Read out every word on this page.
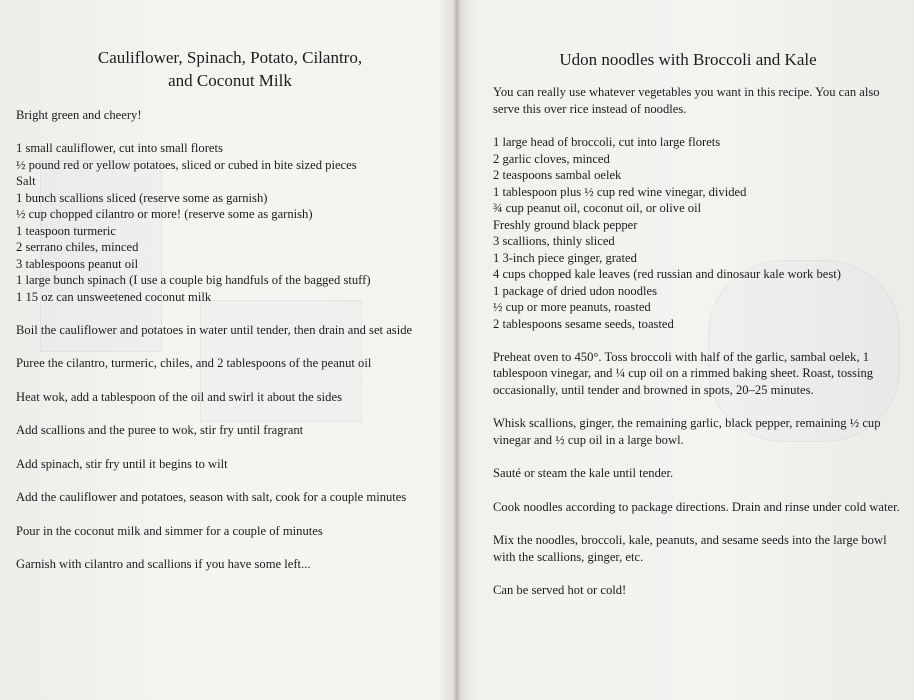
Cauliflower, Spinach, Potato, Cilantro,
and Coconut Milk

Bright green and cheery!

1 small cauliflower, cut into small florets

½ pound red or yellow potatoes, sliced or cubed in bite sized pieces

Salt

1 bunch scallions sliced (reserve some as garnish)

½ cup chopped cilantro or more! (reserve some as garnish)

1 teaspoon turmeric

2 serrano chiles, minced

3 tablespoons peanut oil

1 large bunch spinach (I use a couple big handfuls of the bagged stuff)

1 15 oz can unsweetened coconut milk

Boil the cauliflower and potatoes in water until tender, then drain and set aside

Puree the cilantro, turmeric, chiles, and 2 tablespoons of the peanut oil

Heat wok, add a tablespoon of the oil and swirl it about the sides

Add scallions and the puree to wok, stir fry until fragrant

Add spinach, stir fry until it begins to wilt

Add the cauliflower and potatoes, season with salt, cook for a couple minutes

Pour in the coconut milk and simmer for a couple of minutes

Garnish with cilantro and scallions if you have some left...

Udon noodles with Broccoli and Kale

You can really use whatever vegetables you want in this recipe. You can also serve this over rice instead of noodles.

1 large head of broccoli, cut into large florets

2 garlic cloves, minced

2 teaspoons sambal oelek

1 tablespoon plus ½ cup red wine vinegar, divided

¾ cup peanut oil, coconut oil, or olive oil

Freshly ground black pepper

3 scallions, thinly sliced

1 3-inch piece ginger, grated

4 cups chopped kale leaves (red russian and dinosaur kale work best)

1 package of dried udon noodles

½ cup or more peanuts, roasted

2 tablespoons sesame seeds, toasted

Preheat oven to 450°. Toss broccoli with half of the garlic, sambal oelek, 1 tablespoon vinegar, and ¼ cup oil on a rimmed baking sheet. Roast, tossing occasionally, until tender and browned in spots, 20–25 minutes.

Whisk scallions, ginger, the remaining garlic, black pepper, remaining ½ cup vinegar and ½ cup oil in a large bowl.

Sauté or steam the kale until tender.

Cook noodles according to package directions. Drain and rinse under cold water.

Mix the noodles, broccoli, kale, peanuts, and sesame seeds into the large bowl with the scallions, ginger, etc.

Can be served hot or cold!
